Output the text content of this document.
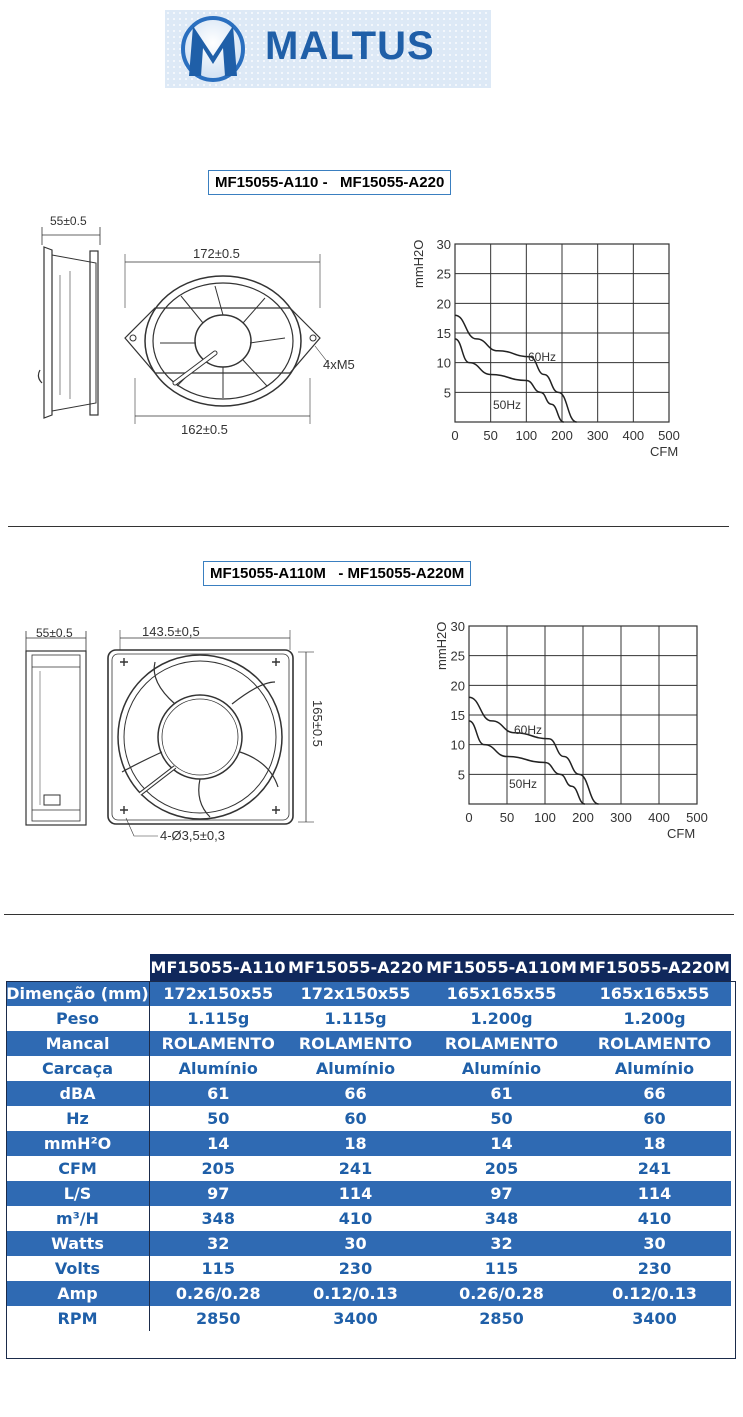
MALTUS
MF15055-A110 -   MF15055-A220
55±0.5
172±0.5
4xM5
162±0.5
mmH2O
CFM
5
10
15
20
25
30
0 50 100 200 300 400 500
60Hz
50Hz
MF15055-A110M   - MF15055-A220M
55±0.5	143.5±0,5
165±0.5
4-Ø3,5±0,3
mmH2O
CFM
5
10
15
20
25
30
0 50 100 200 300 400 500
60Hz
50Hz
	MF15055-A110	MF15055-A220	MF15055-A110M	MF15055-A220M
Dimenção (mm)	172x150x55	172x150x55	165x165x55	165x165x55
Peso	1.115g	1.115g	1.200g	1.200g
Mancal	ROLAMENTO	ROLAMENTO	ROLAMENTO	ROLAMENTO
Carcaça	Alumínio	Alumínio	Alumínio	Alumínio
dBA	61	66	61	66
Hz	50	60	50	60
mmH²O	14	18	14	18
CFM	205	241	205	241
L/S	97	114	97	114
m³/H	348	410	348	410
Watts	32	30	32	30
Volts	115	230	115	230
Amp	0.26/0.28	0.12/0.13	0.26/0.28	0.12/0.13
RPM	2850	3400	2850	3400
